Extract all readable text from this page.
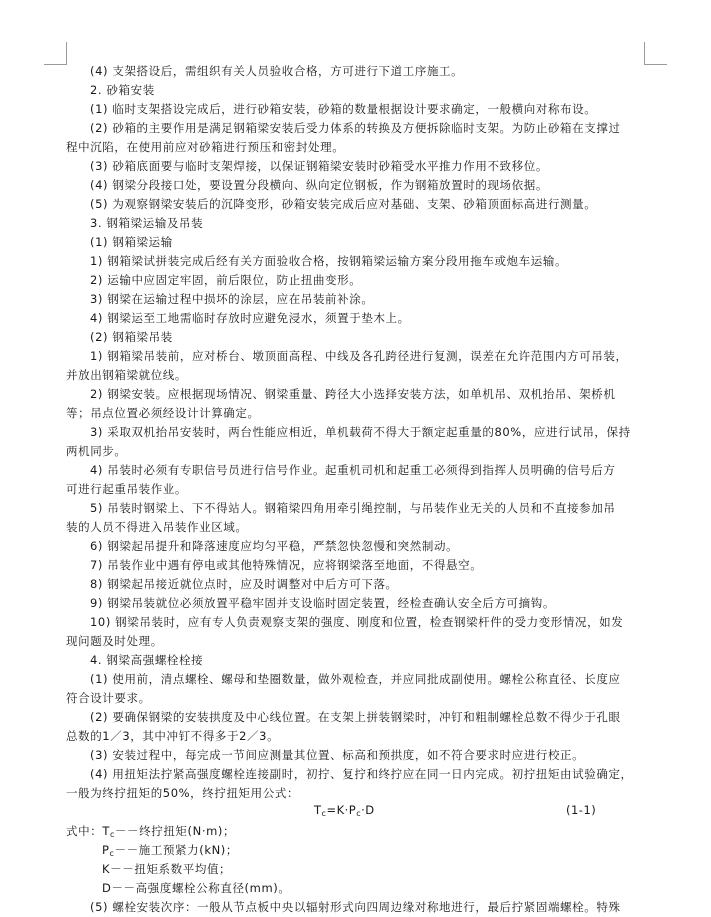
(4) 支架搭设后，需组织有关人员验收合格，方可进行下道工序施工。
2. 砂箱安装
(1) 临时支架搭设完成后，进行砂箱安装，砂箱的数量根据设计要求确定，一般横向对称布设。
(2) 砂箱的主要作用是满足钢箱梁安装后受力体系的转换及方便拆除临时支架。为防止砂箱在支撑过
程中沉陷，在使用前应对砂箱进行预压和密封处理。
(3) 砂箱底面要与临时支架焊接，以保证钢箱梁安装时砂箱受水平推力作用不致移位。
(4) 钢梁分段接口处，要设置分段横向、纵向定位钢板，作为钢箱放置时的现场依据。
(5) 为观察钢梁安装后的沉降变形，砂箱安装完成后应对基础、支架、砂箱顶面标高进行测量。
3. 钢箱梁运输及吊装
(1) 钢箱梁运输
1) 钢箱梁试拼装完成后经有关方面验收合格，按钢箱梁运输方案分段用拖车或炮车运输。
2) 运输中应固定牢固，前后限位，防止扭曲变形。
3) 钢梁在运输过程中损坏的涂层，应在吊装前补涂。
4) 钢梁运至工地需临时存放时应避免浸水，须置于垫木上。
(2) 钢箱梁吊装
1) 钢箱梁吊装前，应对桥台、墩顶面高程、中线及各孔跨径进行复测，误差在允许范围内方可吊装，
并放出钢箱梁就位线。
2) 钢梁安装。应根据现场情况、钢梁重量、跨径大小选择安装方法，如单机吊、双机抬吊、架桥机
等；吊点位置必须经设计计算确定。
3) 采取双机抬吊安装时，两台性能应相近，单机载荷不得大于额定起重量的80%，应进行试吊，保持
两机同步。
4) 吊装时必须有专职信号员进行信号作业。起重机司机和起重工必须得到指挥人员明确的信号后方
可进行起重吊装作业。
5) 吊装时钢梁上、下不得站人。钢箱梁四角用牵引绳控制，与吊装作业无关的人员和不直接参加吊
装的人员不得进入吊装作业区域。
6) 钢梁起吊提升和降落速度应均匀平稳，严禁忽快忽慢和突然制动。
7) 吊装作业中遇有停电或其他特殊情况，应将钢梁落至地面，不得悬空。
8) 钢梁起吊接近就位点时，应及时调整对中后方可下落。
9) 钢梁吊装就位必须放置平稳牢固并支设临时固定装置，经检查确认安全后方可摘钩。
10) 钢梁吊装时，应有专人负责观察支架的强度、刚度和位置，检查钢梁杆件的受力变形情况，如发
现问题及时处理。
4. 钢梁高强螺栓栓接
(1) 使用前，清点螺栓、螺母和垫圈数量，做外观检查，并应同批成副使用。螺栓公称直径、长度应
符合设计要求。
(2) 要确保钢梁的安装拱度及中心线位置。在支架上拼装钢梁时，冲钉和粗制螺栓总数不得少于孔眼
总数的1／3，其中冲钉不得多于2／3。
(3) 安装过程中，每完成一节间应测量其位置、标高和预拱度，如不符合要求时应进行校正。
(4) 用扭矩法拧紧高强度螺栓连接副时，初拧、复拧和终拧应在同一日内完成。初拧扭矩由试验确定，
一般为终拧扭矩的50%，终拧扭矩用公式：
$T_c=K\cdot P_c\cdot D$	(1-1)
式中：$T_c--$终拧扭矩(N·m)；
$P_c--$施工预紧力(kN)；
K－－扭矩系数平均值；
D－－高强度螺栓公称直径(mm)。
(5) 螺栓安装次序：一般从节点板中央以辐射形式向四周边缘对称地进行，最后拧紧固端螺栓。特殊
